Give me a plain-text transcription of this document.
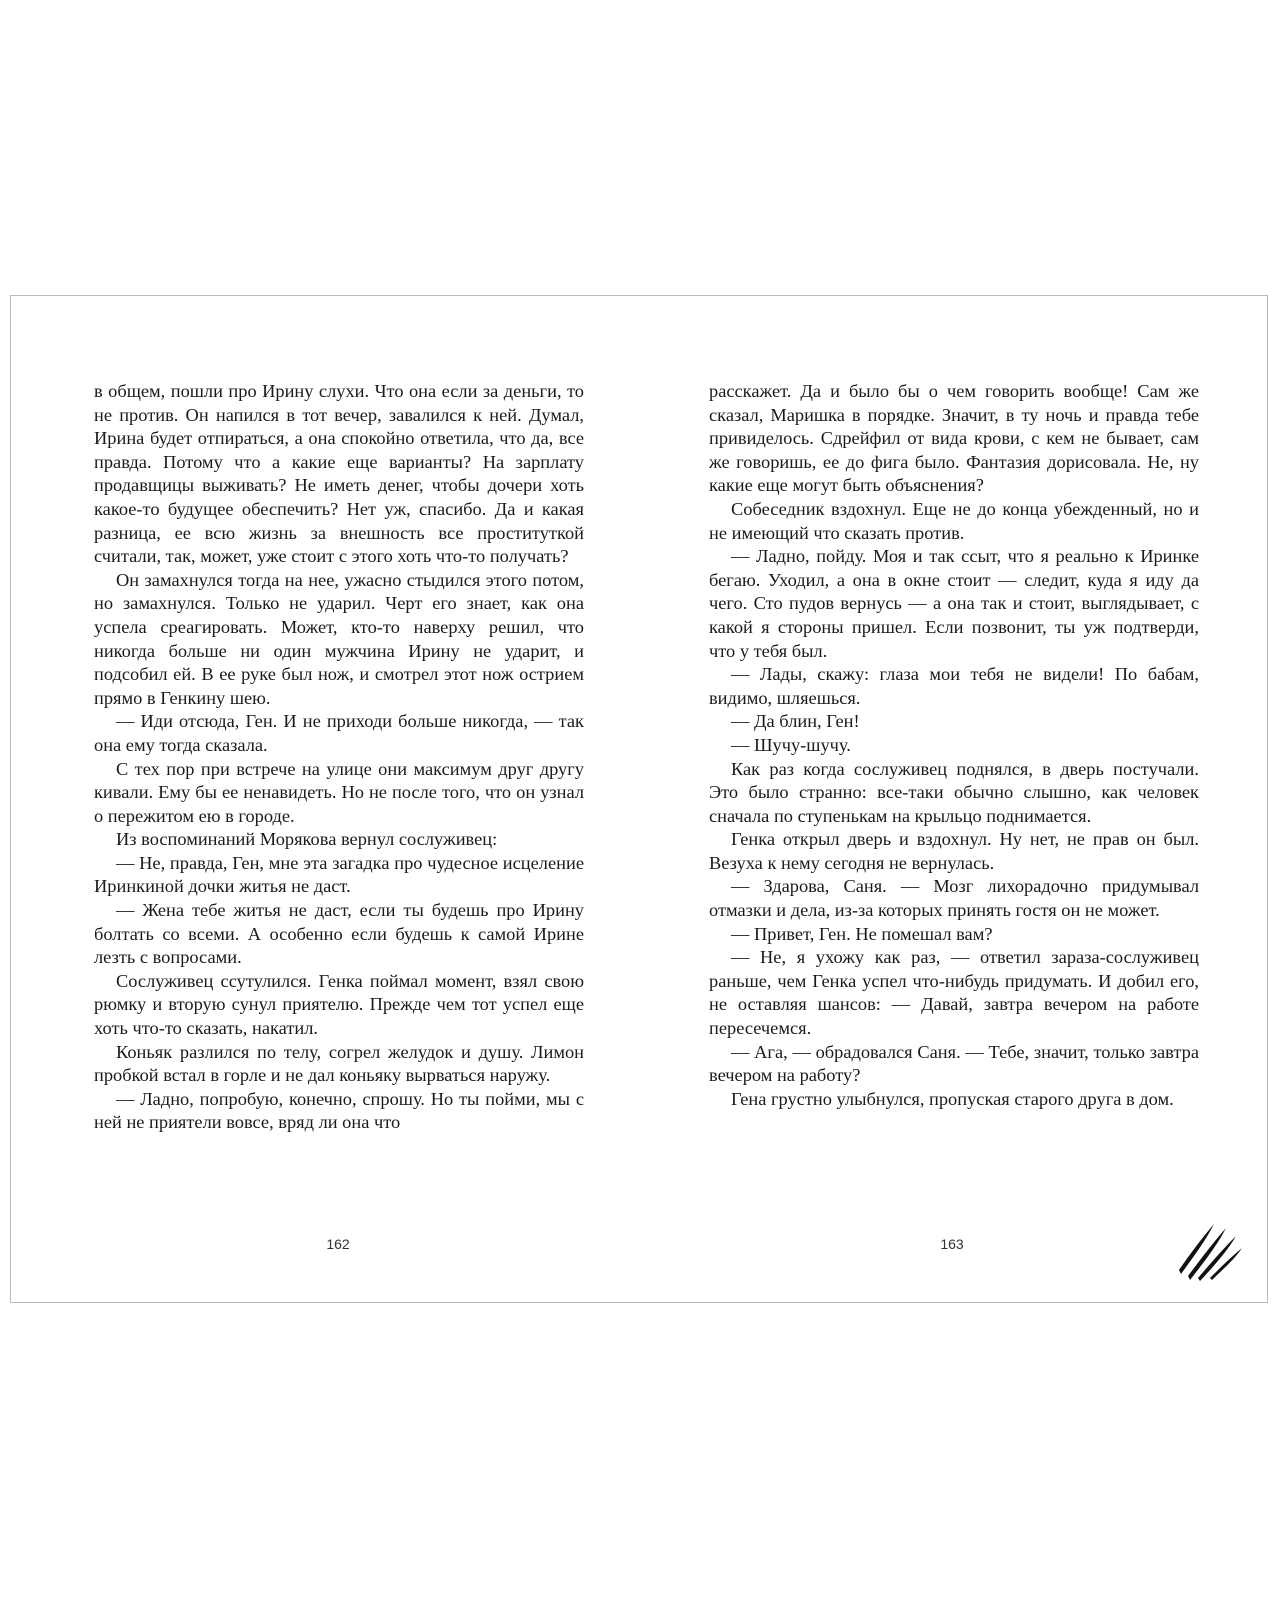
в общем, пошли про Ирину слухи. Что она если за деньги, то не против. Он напился в тот вечер, завалился к ней. Думал, Ирина будет отпираться, а она спокойно ответила, что да, все правда. Потому что а какие еще варианты? На зарплату продавщицы выживать? Не иметь денег, чтобы дочери хоть какое-то будущее обеспечить? Нет уж, спасибо. Да и какая разница, ее всю жизнь за внешность все проституткой считали, так, может, уже стоит с этого хоть что-то получать?

Он замахнулся тогда на нее, ужасно стыдился этого потом, но замахнулся. Только не ударил. Черт его знает, как она успела среагировать. Может, кто-то наверху решил, что никогда больше ни один мужчина Ирину не ударит, и подсобил ей. В ее руке был нож, и смотрел этот нож острием прямо в Генкину шею.

— Иди отсюда, Ген. И не приходи больше никогда, — так она ему тогда сказала.

С тех пор при встрече на улице они максимум друг другу кивали. Ему бы ее ненавидеть. Но не после того, что он узнал о пережитом ею в городе.

Из воспоминаний Морякова вернул сослуживец:

— Не, правда, Ген, мне эта загадка про чудесное исцеление Иринкиной дочки житья не даст.

— Жена тебе житья не даст, если ты будешь про Ирину болтать со всеми. А особенно если будешь к самой Ирине лезть с вопросами.

Сослуживец ссутулился. Генка поймал момент, взял свою рюмку и вторую сунул приятелю. Прежде чем тот успел еще хоть что-то сказать, накатил.

Коньяк разлился по телу, согрел желудок и душу. Лимон пробкой встал в горле и не дал коньяку вырваться наружу.

— Ладно, попробую, конечно, спрошу. Но ты пойми, мы с ней не приятели вовсе, вряд ли она что

расскажет. Да и было бы о чем говорить вообще! Сам же сказал, Маришка в порядке. Значит, в ту ночь и правда тебе привиделось. Сдрейфил от вида крови, с кем не бывает, сам же говоришь, ее до фига было. Фантазия дорисовала. Не, ну какие еще могут быть объяснения?

Собеседник вздохнул. Еще не до конца убежденный, но и не имеющий что сказать против.

— Ладно, пойду. Моя и так ссыт, что я реально к Иринке бегаю. Уходил, а она в окне стоит — следит, куда я иду да чего. Сто пудов вернусь — а она так и стоит, выглядывает, с какой я стороны пришел. Если позвонит, ты уж подтверди, что у тебя был.

— Лады, скажу: глаза мои тебя не видели! По бабам, видимо, шляешься.

— Да блин, Ген!

— Шучу-шучу.

Как раз когда сослуживец поднялся, в дверь постучали. Это было странно: все-таки обычно слышно, как человек сначала по ступенькам на крыльцо поднимается.

Генка открыл дверь и вздохнул. Ну нет, не прав он был. Везуха к нему сегодня не вернулась.

— Здарова, Саня. — Мозг лихорадочно придумывал отмазки и дела, из-за которых принять гостя он не может.

— Привет, Ген. Не помешал вам?

— Не, я ухожу как раз, — ответил зараза-сослуживец раньше, чем Генка успел что-нибудь придумать. И добил его, не оставляя шансов: — Давай, завтра вечером на работе пересечемся.

— Ага, — обрадовался Саня. — Тебе, значит, только завтра вечером на работу?

Гена грустно улыбнулся, пропуская старого друга в дом.

162	163
